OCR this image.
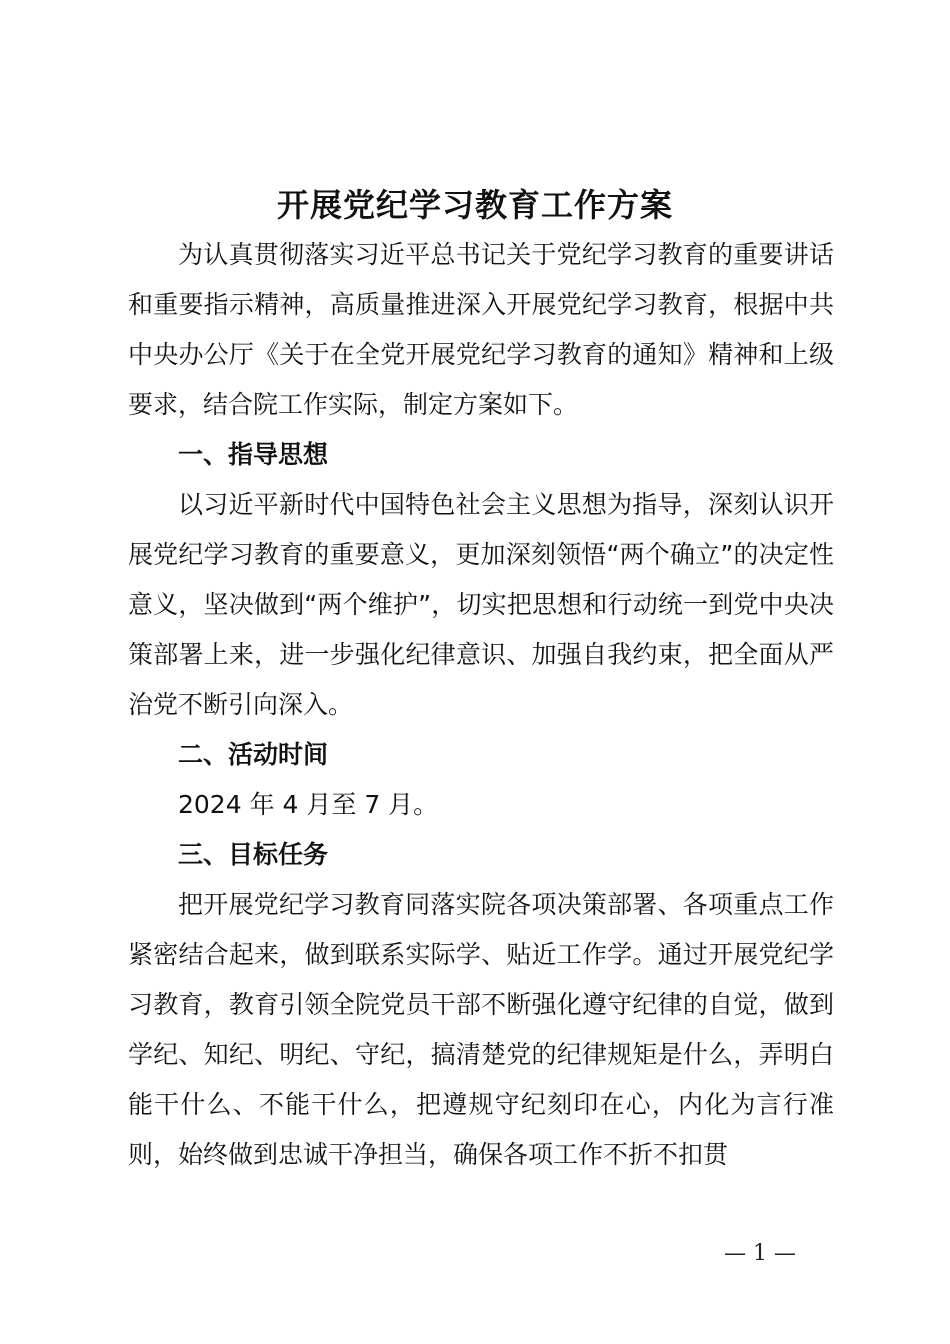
开展党纪学习教育工作方案

为认真贯彻落实习近平总书记关于党纪学习教育的重要讲话和重要指示精神，高质量推进深入开展党纪学习教育，根据中共中央办公厅《关于在全党开展党纪学习教育的通知》精神和上级要求，结合院工作实际，制定方案如下。

一、指导思想

以习近平新时代中国特色社会主义思想为指导，深刻认识开展党纪学习教育的重要意义，更加深刻领悟“两个确立”的决定性意义，坚决做到“两个维护”，切实把思想和行动统一到党中央决策部署上来，进一步强化纪律意识、加强自我约束，把全面从严治党不断引向深入。

二、活动时间

2024 年 4 月至 7 月。

三、目标任务

把开展党纪学习教育同落实院各项决策部署、各项重点工作紧密结合起来，做到联系实际学、贴近工作学。通过开展党纪学习教育，教育引领全院党员干部不断强化遵守纪律的自觉，做到学纪、知纪、明纪、守纪，搞清楚党的纪律规矩是什么，弄明白能干什么、不能干什么，把遵规守纪刻印在心，内化为言行准则，始终做到忠诚干净担当，确保各项工作不折不扣贯

— 1 —
